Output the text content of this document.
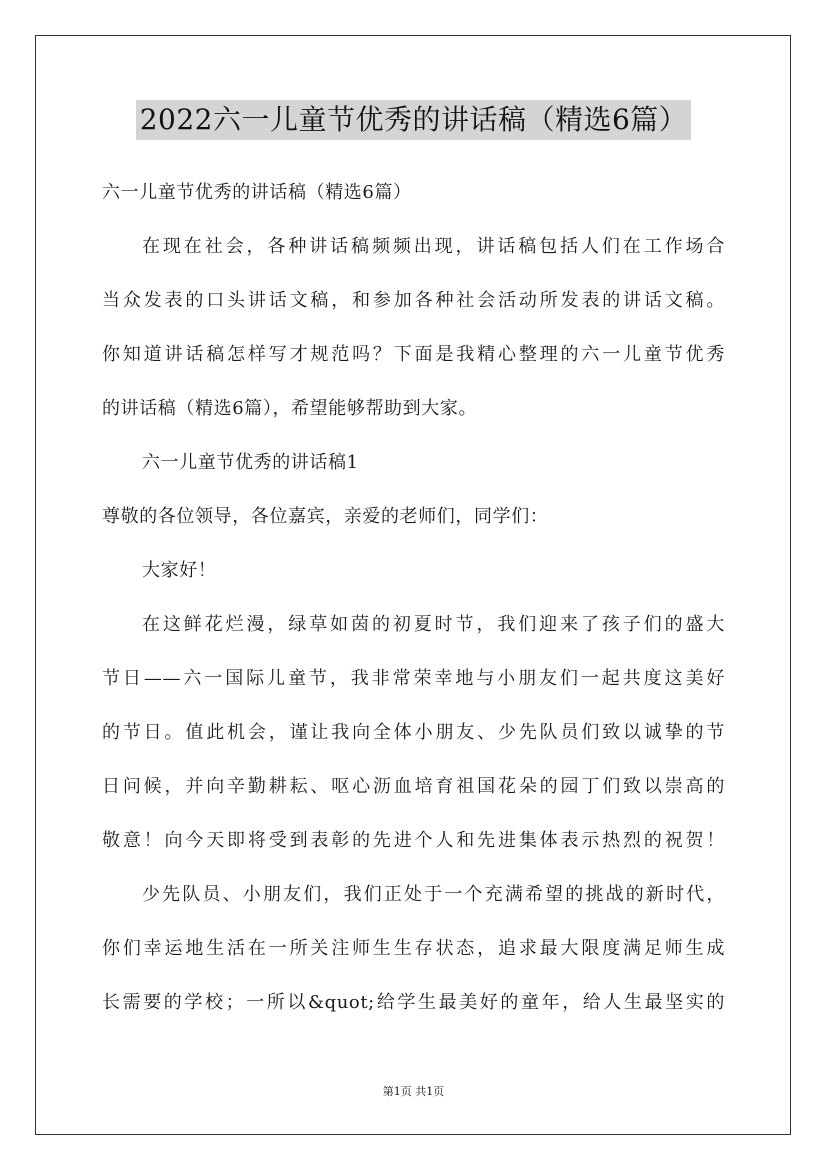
2022六一儿童节优秀的讲话稿（精选6篇）
六一儿童节优秀的讲话稿（精选6篇）
在现在社会，各种讲话稿频频出现，讲话稿包括人们在工作场合
当众发表的口头讲话文稿，和参加各种社会活动所发表的讲话文稿。
你知道讲话稿怎样写才规范吗？下面是我精心整理的六一儿童节优秀
的讲话稿（精选6篇），希望能够帮助到大家。
六一儿童节优秀的讲话稿1
尊敬的各位领导，各位嘉宾，亲爱的老师们，同学们：
大家好！
在这鲜花烂漫，绿草如茵的初夏时节，我们迎来了孩子们的盛大
节日——六一国际儿童节，我非常荣幸地与小朋友们一起共度这美好
的节日。值此机会，谨让我向全体小朋友、少先队员们致以诚挚的节
日问候，并向辛勤耕耘、呕心沥血培育祖国花朵的园丁们致以崇高的
敬意！向今天即将受到表彰的先进个人和先进集体表示热烈的祝贺！
少先队员、小朋友们，我们正处于一个充满希望的挑战的新时代，
你们幸运地生活在一所关注师生生存状态，追求最大限度满足师生成
长需要的学校；一所以&quot;给学生最美好的童年，给人生最坚实的
第1页 共1页
